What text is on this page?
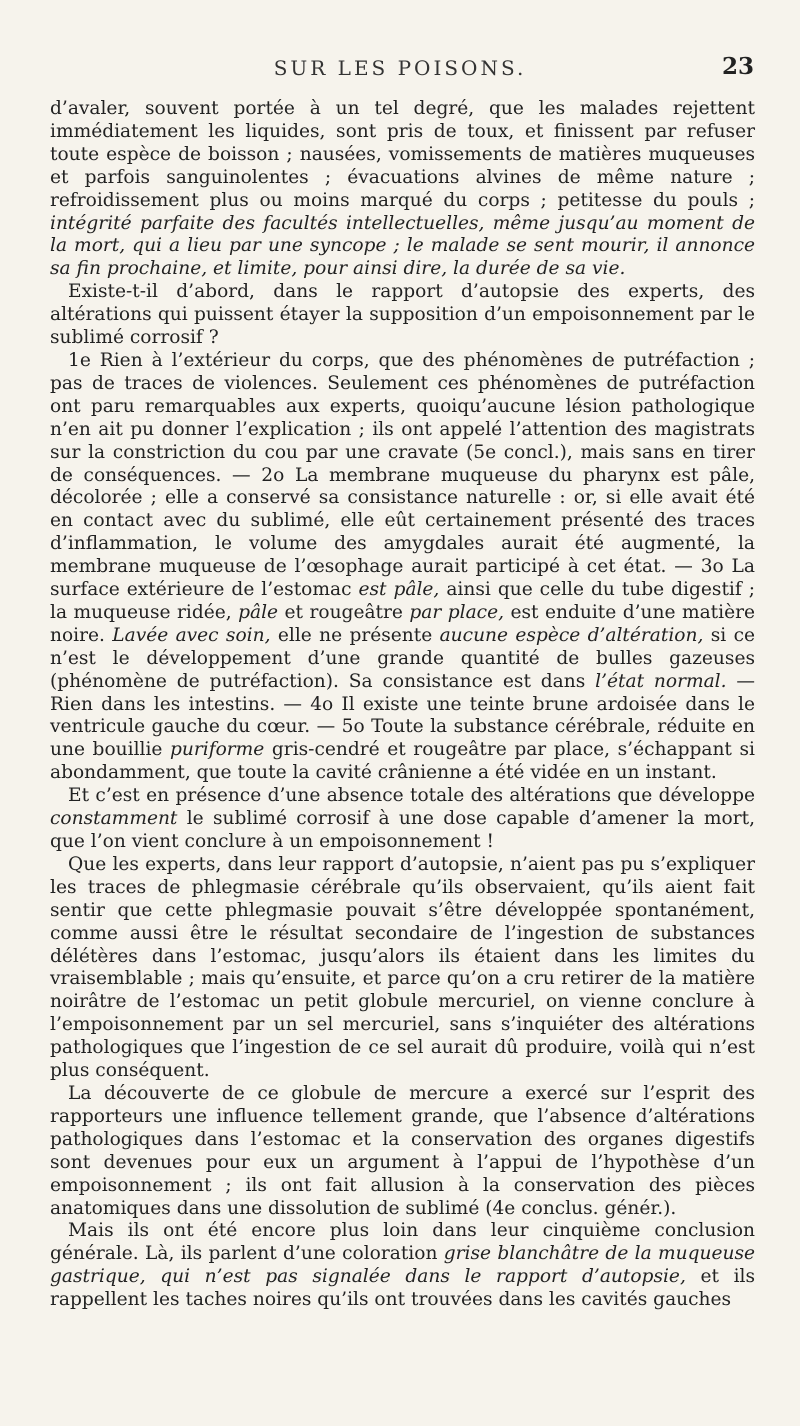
SUR LES POISONS.	23

d’avaler, souvent portée à un tel degré, que les malades rejettent immédiatement les liquides, sont pris de toux, et finissent par refuser toute espèce de boisson ; nausées, vomissements de matières muqueuses et parfois sanguinolentes ; évacuations alvines de même nature ; refroidissement plus ou moins marqué du corps ; petitesse du pouls ; intégrité parfaite des facultés intellectuelles, même jusqu’au moment de la mort, qui a lieu par une syncope ; le malade se sent mourir, il annonce sa fin prochaine, et limite, pour ainsi dire, la durée de sa vie.

Existe-t-il d’abord, dans le rapport d’autopsie des experts, des altérations qui puissent étayer la supposition d’un empoisonnement par le sublimé corrosif ?

1e Rien à l’extérieur du corps, que des phénomènes de putréfaction ; pas de traces de violences. Seulement ces phénomènes de putréfaction ont paru remarquables aux experts, quoiqu’aucune lésion pathologique n’en ait pu donner l’explication ; ils ont appelé l’attention des magistrats sur la constriction du cou par une cravate (5e concl.), mais sans en tirer de conséquences. — 2o La membrane muqueuse du pharynx est pâle, décolorée ; elle a conservé sa consistance naturelle : or, si elle avait été en contact avec du sublimé, elle eût certainement présenté des traces d’inflammation, le volume des amygdales aurait été augmenté, la membrane muqueuse de l’œsophage aurait participé à cet état. — 3o La surface extérieure de l’estomac est pâle, ainsi que celle du tube digestif ; la muqueuse ridée, pâle et rougeâtre par place, est enduite d’une matière noire. Lavée avec soin, elle ne présente aucune espèce d’altération, si ce n’est le développement d’une grande quantité de bulles gazeuses (phénomène de putréfaction). Sa consistance est dans l’état normal. —Rien dans les intestins. — 4o Il existe une teinte brune ardoisée dans le ventricule gauche du cœur. — 5o Toute la substance cérébrale, réduite en une bouillie puriforme gris-cendré et rougeâtre par place, s’échappant si abondamment, que toute la cavité crânienne a été vidée en un instant.

Et c’est en présence d’une absence totale des altérations que développe constamment le sublimé corrosif à une dose capable d’amener la mort, que l’on vient conclure à un empoisonnement !

Que les experts, dans leur rapport d’autopsie, n’aient pas pu s’expliquer les traces de phlegmasie cérébrale qu’ils observaient, qu’ils aient fait sentir que cette phlegmasie pouvait s’être développée spontanément, comme aussi être le résultat secondaire de l’ingestion de substances délétères dans l’estomac, jusqu’alors ils étaient dans les limites du vraisemblable ; mais qu’ensuite, et parce qu’on a cru retirer de la matière noirâtre de l’estomac un petit globule mercuriel, on vienne conclure à l’empoisonnement par un sel mercuriel, sans s’inquiéter des altérations pathologiques que l’ingestion de ce sel aurait dû produire, voilà qui n’est plus conséquent.

La découverte de ce globule de mercure a exercé sur l’esprit des rapporteurs une influence tellement grande, que l’absence d’altérations pathologiques dans l’estomac et la conservation des organes digestifs sont devenues pour eux un argument à l’appui de l’hypothèse d’un empoisonnement ; ils ont fait allusion à la conservation des pièces anatomiques dans une dissolution de sublimé (4e conclus. génér.).

Mais ils ont été encore plus loin dans leur cinquième conclusion générale. Là, ils parlent d’une coloration grise blanchâtre de la muqueuse gastrique, qui n’est pas signalée dans le rapport d’autopsie, et ils rappellent les taches noires qu’ils ont trouvées dans les cavités gauches
